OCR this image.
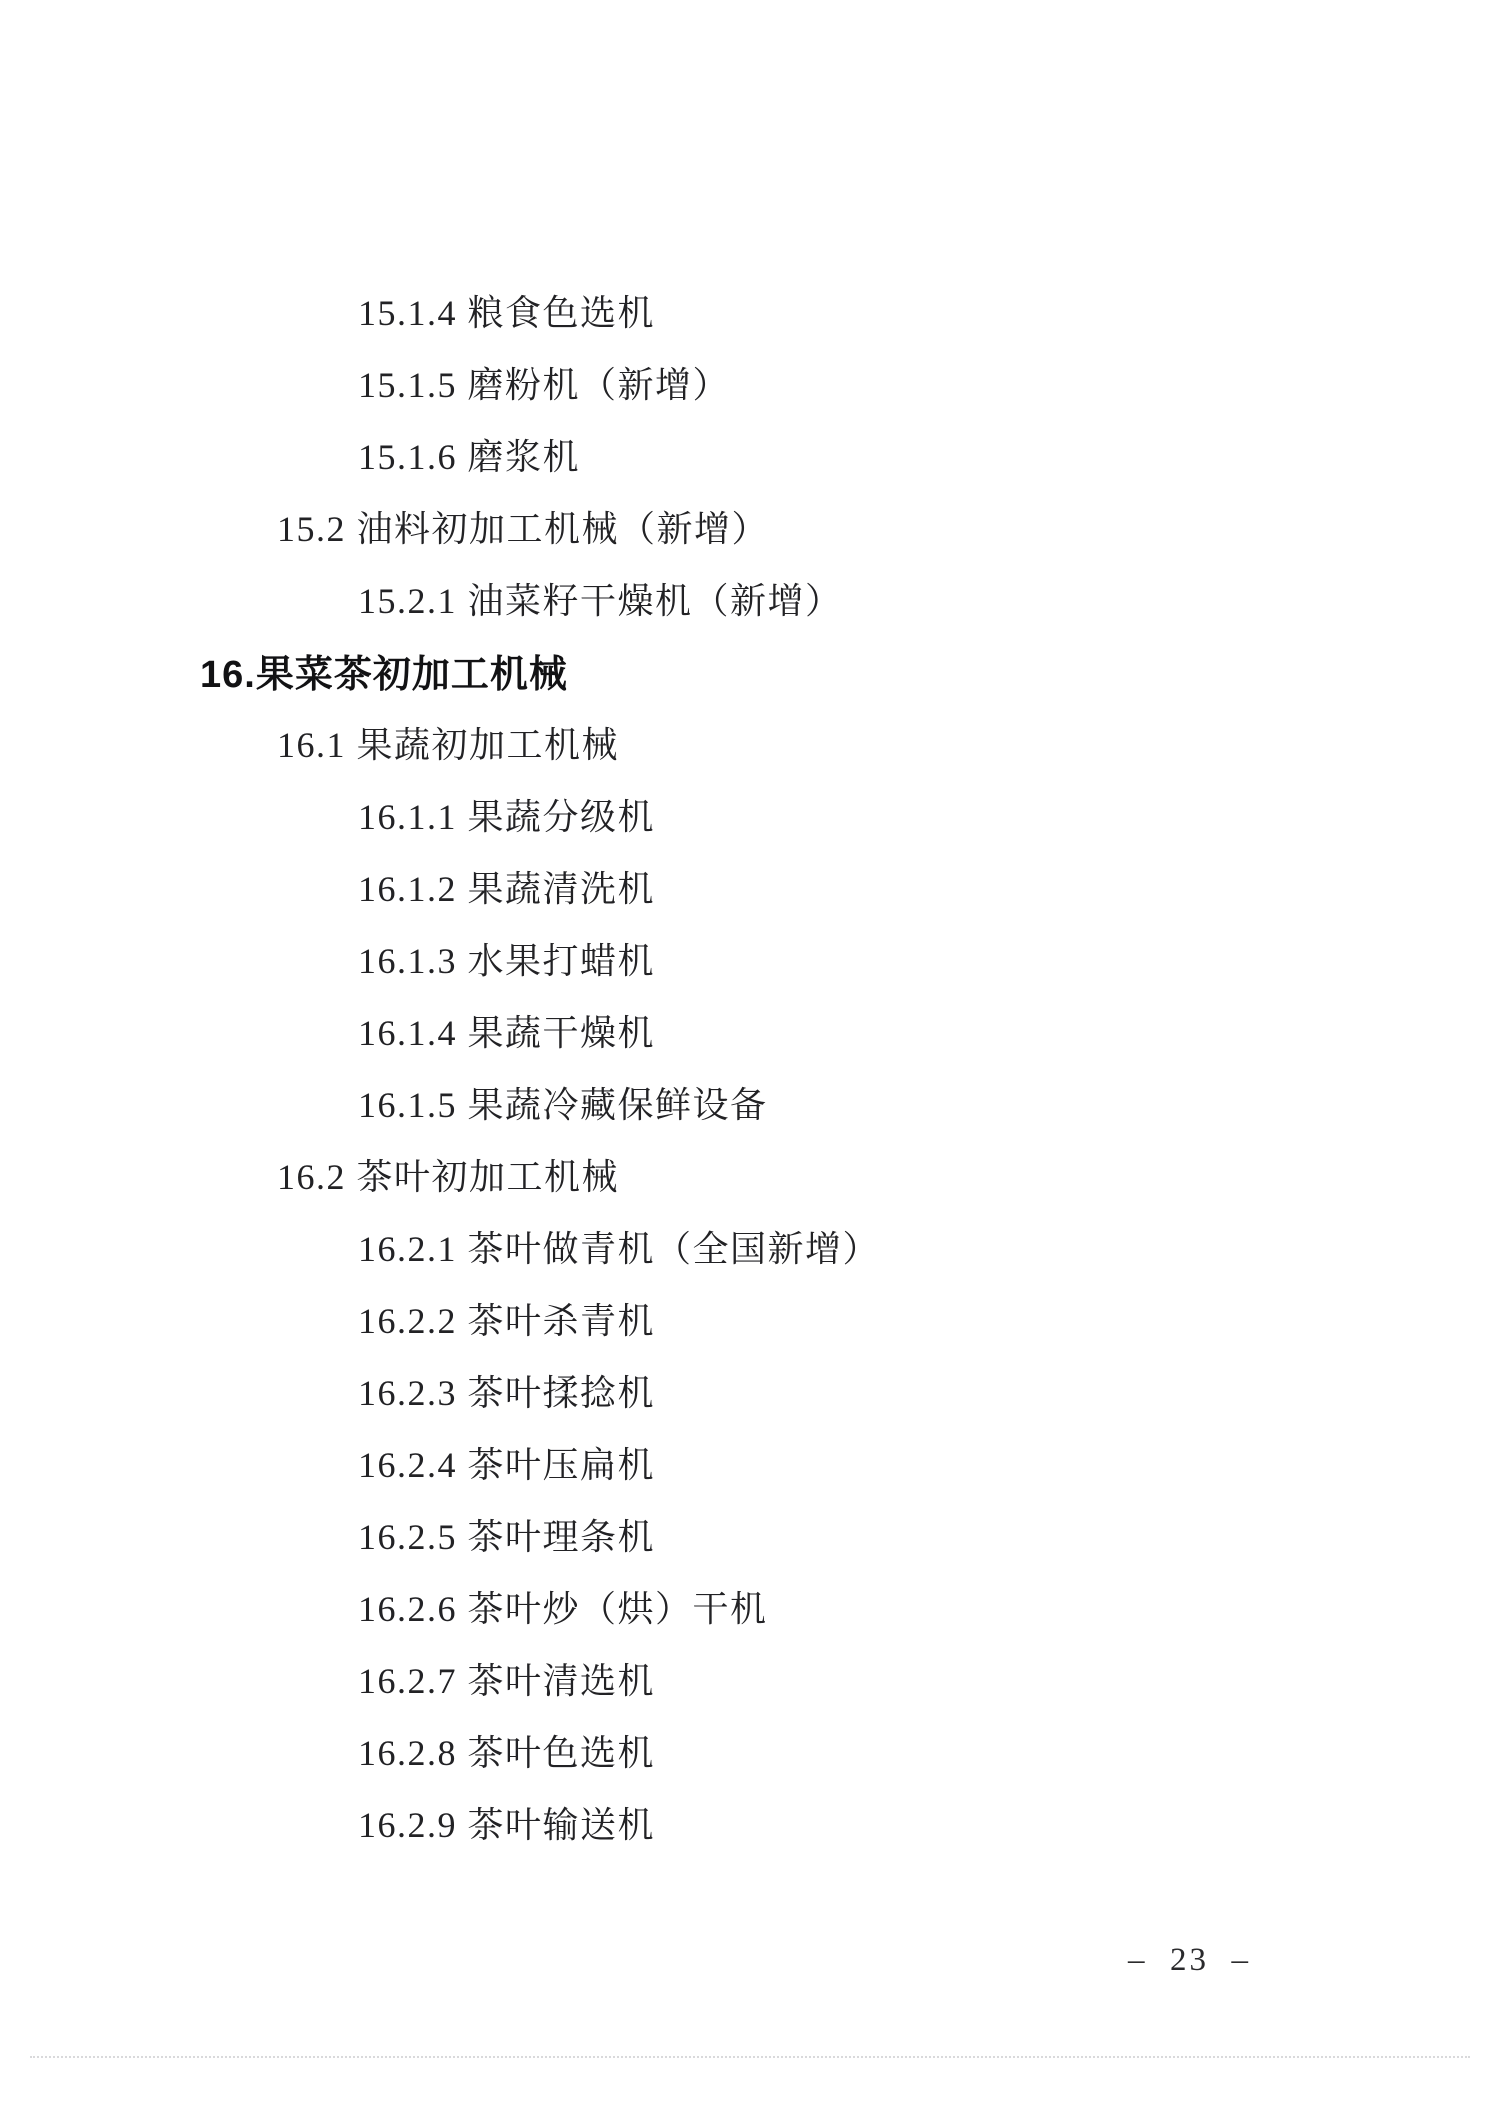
15.1.4 粮食色选机

15.1.5 磨粉机（新增）

15.1.6 磨浆机

15.2 油料初加工机械（新增）

15.2.1 油菜籽干燥机（新增）

16.果菜茶初加工机械

16.1 果蔬初加工机械

16.1.1 果蔬分级机

16.1.2 果蔬清洗机

16.1.3 水果打蜡机

16.1.4 果蔬干燥机

16.1.5 果蔬冷藏保鲜设备

16.2 茶叶初加工机械

16.2.1 茶叶做青机（全国新增）

16.2.2 茶叶杀青机

16.2.3 茶叶揉捻机

16.2.4 茶叶压扁机

16.2.5 茶叶理条机

16.2.6 茶叶炒（烘）干机

16.2.7 茶叶清选机

16.2.8 茶叶色选机

16.2.9 茶叶输送机

–  23  –
